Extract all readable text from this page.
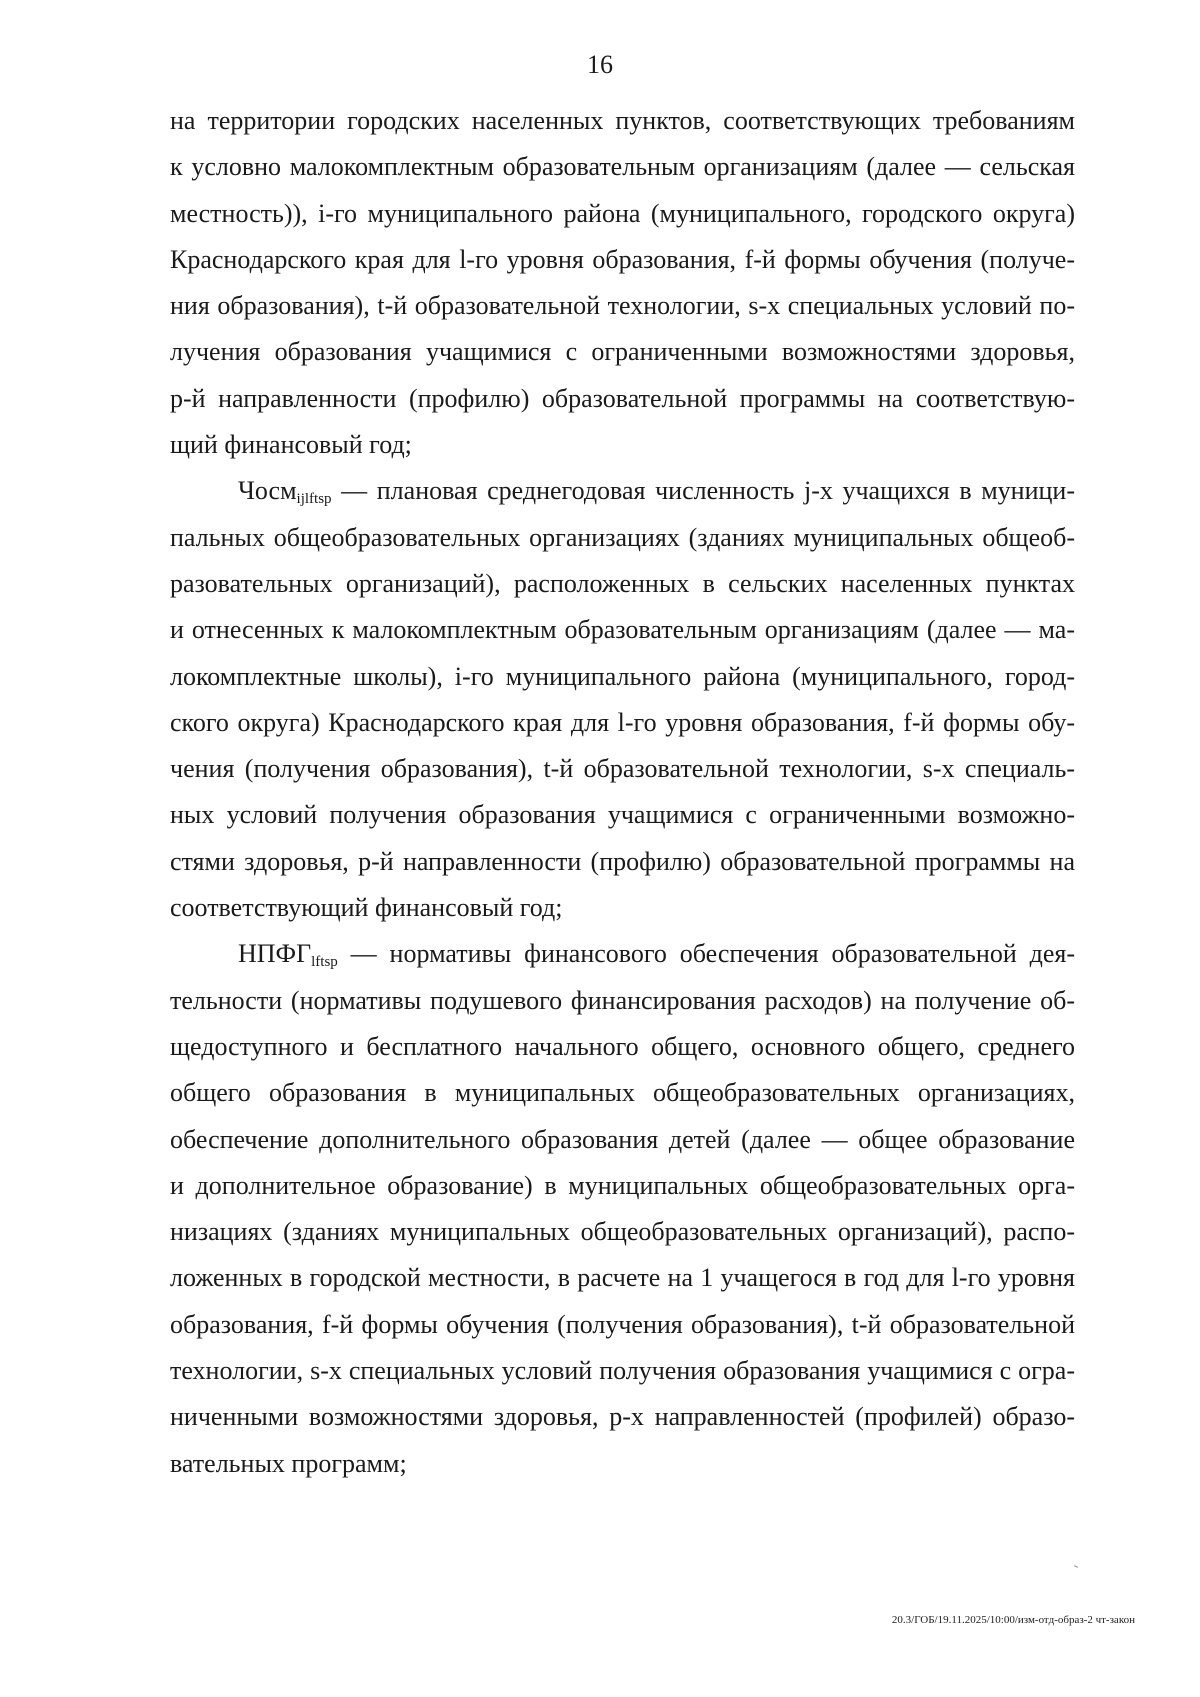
16
на территории городских населенных пунктов, соответствующих требованиям
к условно малокомплектным образовательным организациям (далее — сельская
местность)), i-го муниципального района (муниципального, городского округа)
Краснодарского края для l-го уровня образования, f-й формы обучения (получе-
ния образования), t-й образовательной технологии, s-х специальных условий по-
лучения образования учащимися с ограниченными возможностями здоровья,
p-й направленности (профилю) образовательной программы на соответствую-
щий финансовый год;
Чосм$_{ijlftsp}$ — плановая среднегодовая численность j-х учащихся в муници-
пальных общеобразовательных организациях (зданиях муниципальных общеоб-
разовательных организаций), расположенных в сельских населенных пунктах
и отнесенных к малокомплектным образовательным организациям (далее — ма-
локомплектные школы), i-го муниципального района (муниципального, город-
ского округа) Краснодарского края для l-го уровня образования, f-й формы обу-
чения (получения образования), t-й образовательной технологии, s-х специаль-
ных условий получения образования учащимися с ограниченными возможно-
стями здоровья, p-й направленности (профилю) образовательной программы на
соответствующий финансовый год;
$НПФГ_{lftsp}$ — нормативы финансового обеспечения образовательной дея-
тельности (нормативы подушевого финансирования расходов) на получение об-
щедоступного и бесплатного начального общего, основного общего, среднего
общего образования в муниципальных общеобразовательных организациях,
обеспечение дополнительного образования детей (далее — общее образование
и дополнительное образование) в муниципальных общеобразовательных орга-
низациях (зданиях муниципальных общеобразовательных организаций), распо-
ложенных в городской местности, в расчете на 1 учащегося в год для l-го уровня
образования, f-й формы обучения (получения образования), t-й образовательной
технологии, s-х специальных условий получения образования учащимися с огра-
ниченными возможностями здоровья, p-х направленностей (профилей) образо-
вательных программ;
20.3/ГОБ/19.11.2025/10:00/изм-отд-образ-2 чт-закон
